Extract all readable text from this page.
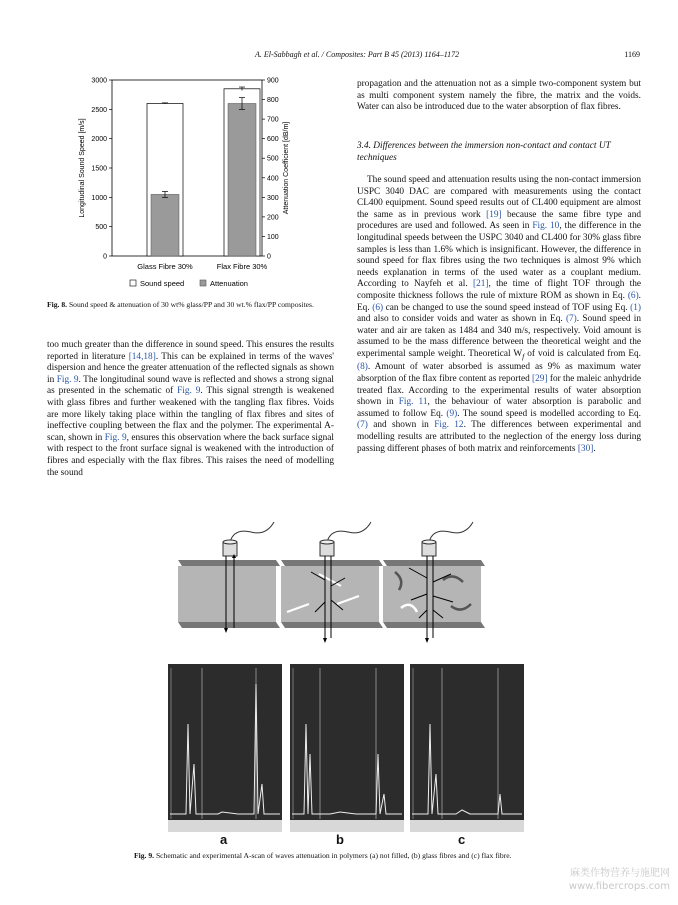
A. El-Sabbagh et al. / Composites: Part B 45 (2013) 1164–1172	1169
0
500
1000
1500
2000
2500
3000
0
100
200
300
400
500
600
700
800
900
Longitudinal Sound Speed [m/s]	Attenuation Coefficient [dB/m]
Glass Fibre 30%	Flax Fibre 30%
Sound speed	Attenuation
Fig. 8. Sound speed & attenuation of 30 wt% glass/PP and 30 wt.% flax/PP composites.

too much greater than the difference in sound speed. This ensures the results reported in literature [14,18]. This can be explained in terms of the waves' dispersion and hence the greater attenuation of the reflected signals as shown in Fig. 9. The longitudinal sound wave is reflected and shows a strong signal as presented in the schematic of Fig. 9. This signal strength is weakened with glass fibres and further weakened with the tangling flax fibres. Voids are more likely taking place within the tangling of flax fibres and sites of ineffective coupling between the flax and the polymer. The experimental A-scan, shown in Fig. 9, ensures this observation where the back surface signal with respect to the front surface signal is weakened with the introduction of fibres and especially with the flax fibres. This raises the need of modelling the sound

propagation and the attenuation not as a simple two-component system but as multi component system namely the fibre, the matrix and the voids. Water can also be introduced due to the water absorption of flax fibres.

3.4. Differences between the immersion non-contact and contact UT techniques

The sound speed and attenuation results using the non-contact immersion USPC 3040 DAC are compared with measurements using the contact CL400 equipment. Sound speed results out of CL400 equipment are almost the same as in previous work [19] because the same fibre type and procedures are used and followed. As seen in Fig. 10, the difference in the longitudinal speeds between the USPC 3040 and CL400 for 30% glass fibre samples is less than 1.6% which is insignificant. However, the difference in sound speed for flax fibres using the two techniques is almost 9% which needs explanation in terms of the used water as a couplant medium. According to Nayfeh et al. [21], the time of flight TOF through the composite thickness follows the rule of mixture ROM as shown in Eq. (6). Eq. (6) can be changed to use the sound speed instead of TOF using Eq. (1) and also to consider voids and water as shown in Eq. (7). Sound speed in water and air are taken as 1484 and 340 m/s, respectively. Void amount is assumed to be the mass difference between the theoretical weight and the experimental sample weight. Theoretical $W_f$ of void is calculated from Eq. (8). Amount of water absorbed is assumed as 9% as maximum water absorption of the flax fibre content as reported [29] for the maleic anhydride treated flax. According to the experimental results of water absorption shown in Fig. 11, the behaviour of water absorption is parabolic and assumed to follow Eq. (9). The sound speed is modelled according to Eq. (7) and shown in Fig. 12. The differences between experimental and modelling results are attributed to the neglection of the energy loss during passing different phases of both matrix and reinforcements [30].

a	b	c
Fig. 9. Schematic and experimental A-scan of waves attenuation in polymers (a) not filled, (b) glass fibres and (c) flax fibre.
麻类作物营养与施肥网
www.fibercrops.com
